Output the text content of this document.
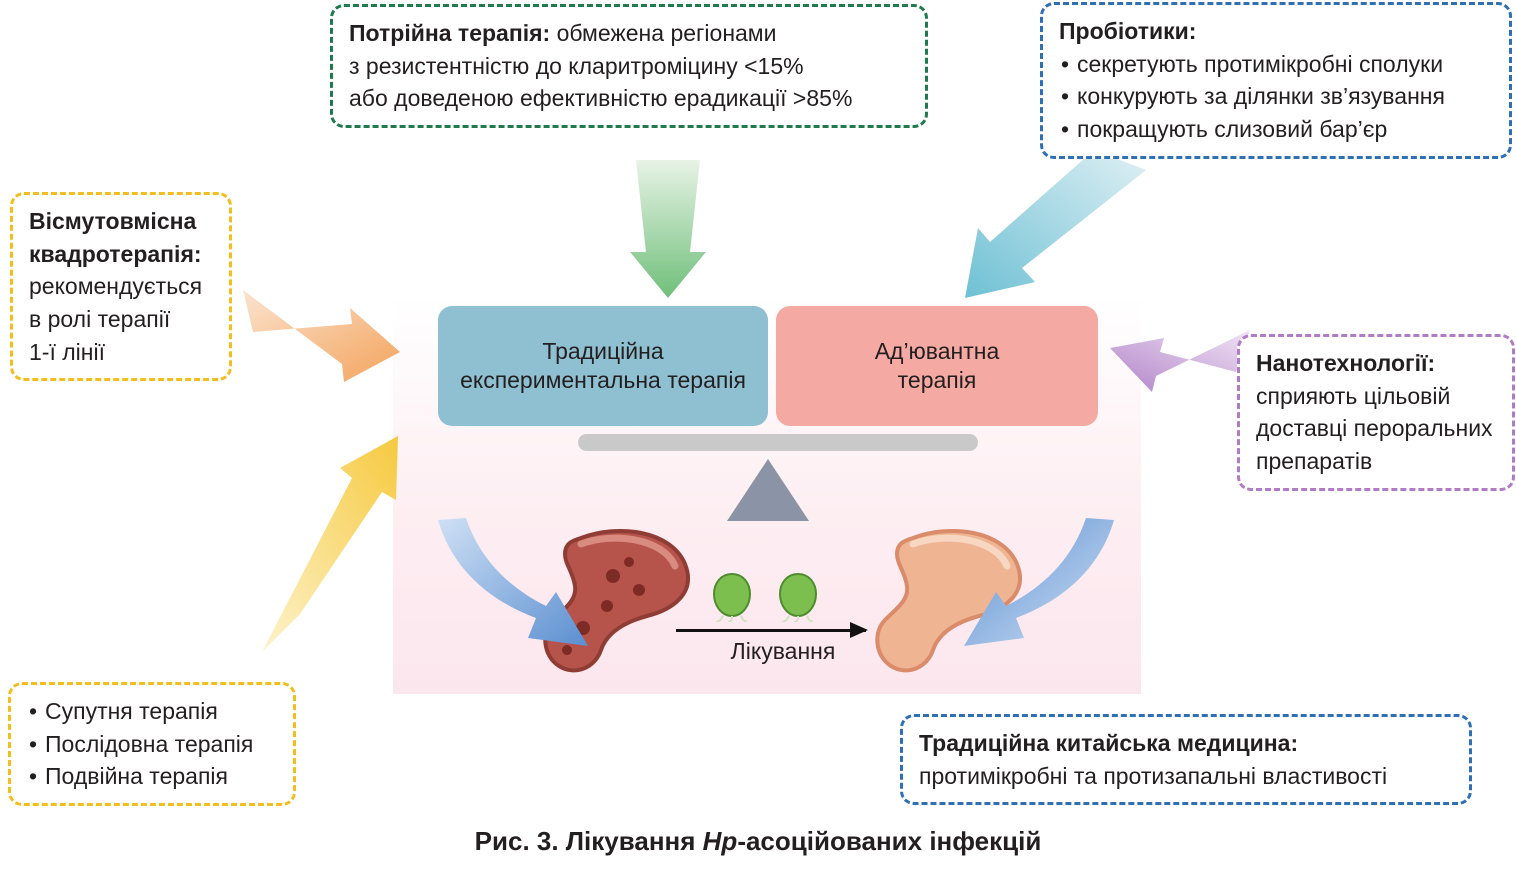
Традиційна
експериментальна терапія
Ад’ювантна
терапія
Лікування
Потрійна терапія: обмежена регіонами
з резистентністю до кларитроміцину <15%
або доведеною ефективністю ерадикації >85%
Пробіотики:
• секретують протимікробні сполуки
• конкурують за ділянки зв’язування
• покращують слизовий бар’єр
Вісмутовмісна
квадротерапія:
рекомендується
в ролі терапії
1-ї лінії	Нанотехнології:
сприяють цільовій
доставці пероральних
препаратів
• Супутня терапія
• Послідовна терапія
• Подвійна терапія
Традиційна китайська медицина:
протимікробні та протизапальні властивості
Рис. 3. Лікування Hp-асоційованих інфекцій
